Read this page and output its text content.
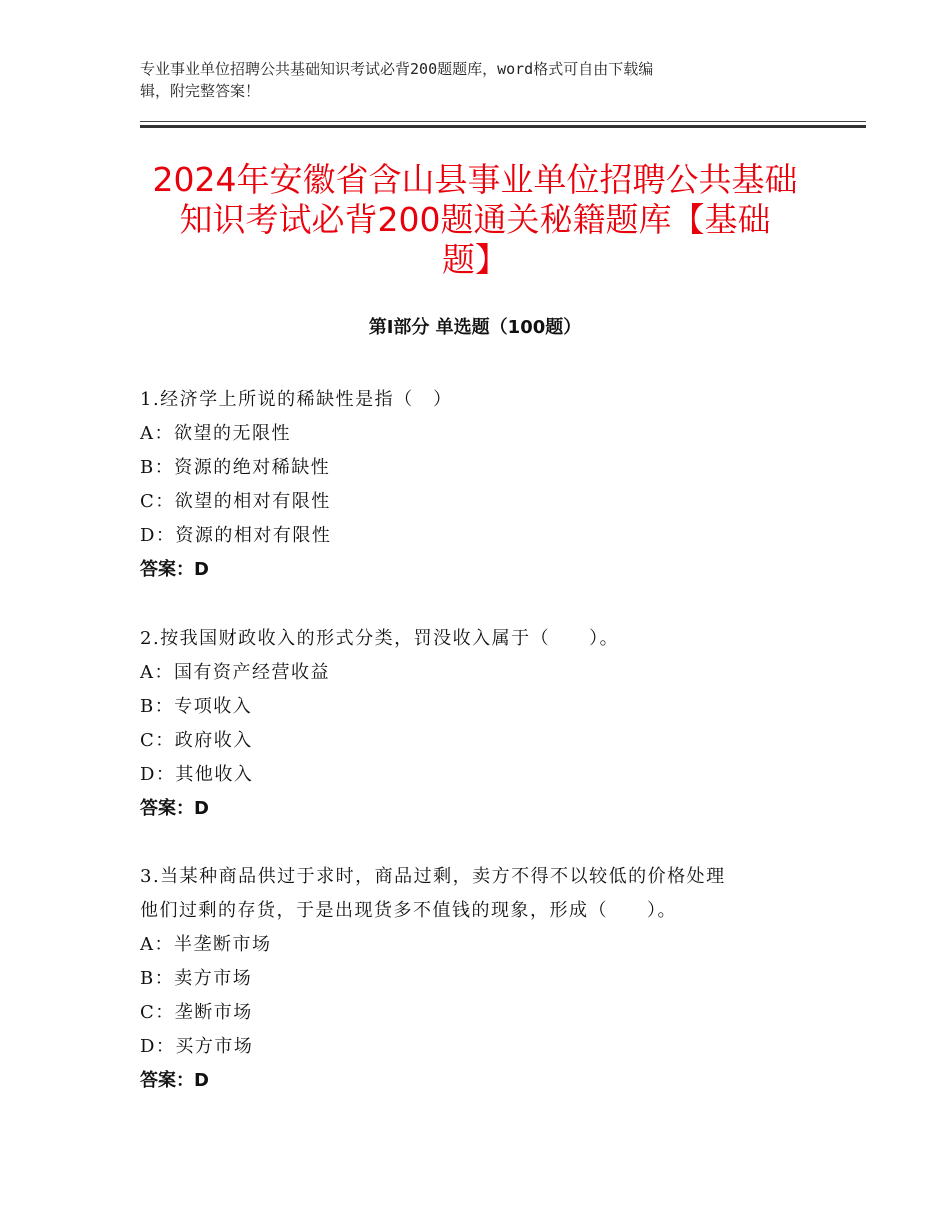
专业事业单位招聘公共基础知识考试必背200题题库，word格式可自由下载编
辑，附完整答案！
2024年安徽省含山县事业单位招聘公共基础
知识考试必背200题通关秘籍题库【基础
题】
第Ⅰ部分 单选题（100题）
1.经济学上所说的稀缺性是指（　）
A：欲望的无限性
B：资源的绝对稀缺性
C：欲望的相对有限性
D：资源的相对有限性
答案：D
2.按我国财政收入的形式分类，罚没收入属于（　　）。
A：国有资产经营收益
B：专项收入
C：政府收入
D：其他收入
答案：D
3.当某种商品供过于求时，商品过剩，卖方不得不以较低的价格处理
他们过剩的存货，于是出现货多不值钱的现象，形成（　　）。
A：半垄断市场
B：卖方市场
C：垄断市场
D：买方市场
答案：D
